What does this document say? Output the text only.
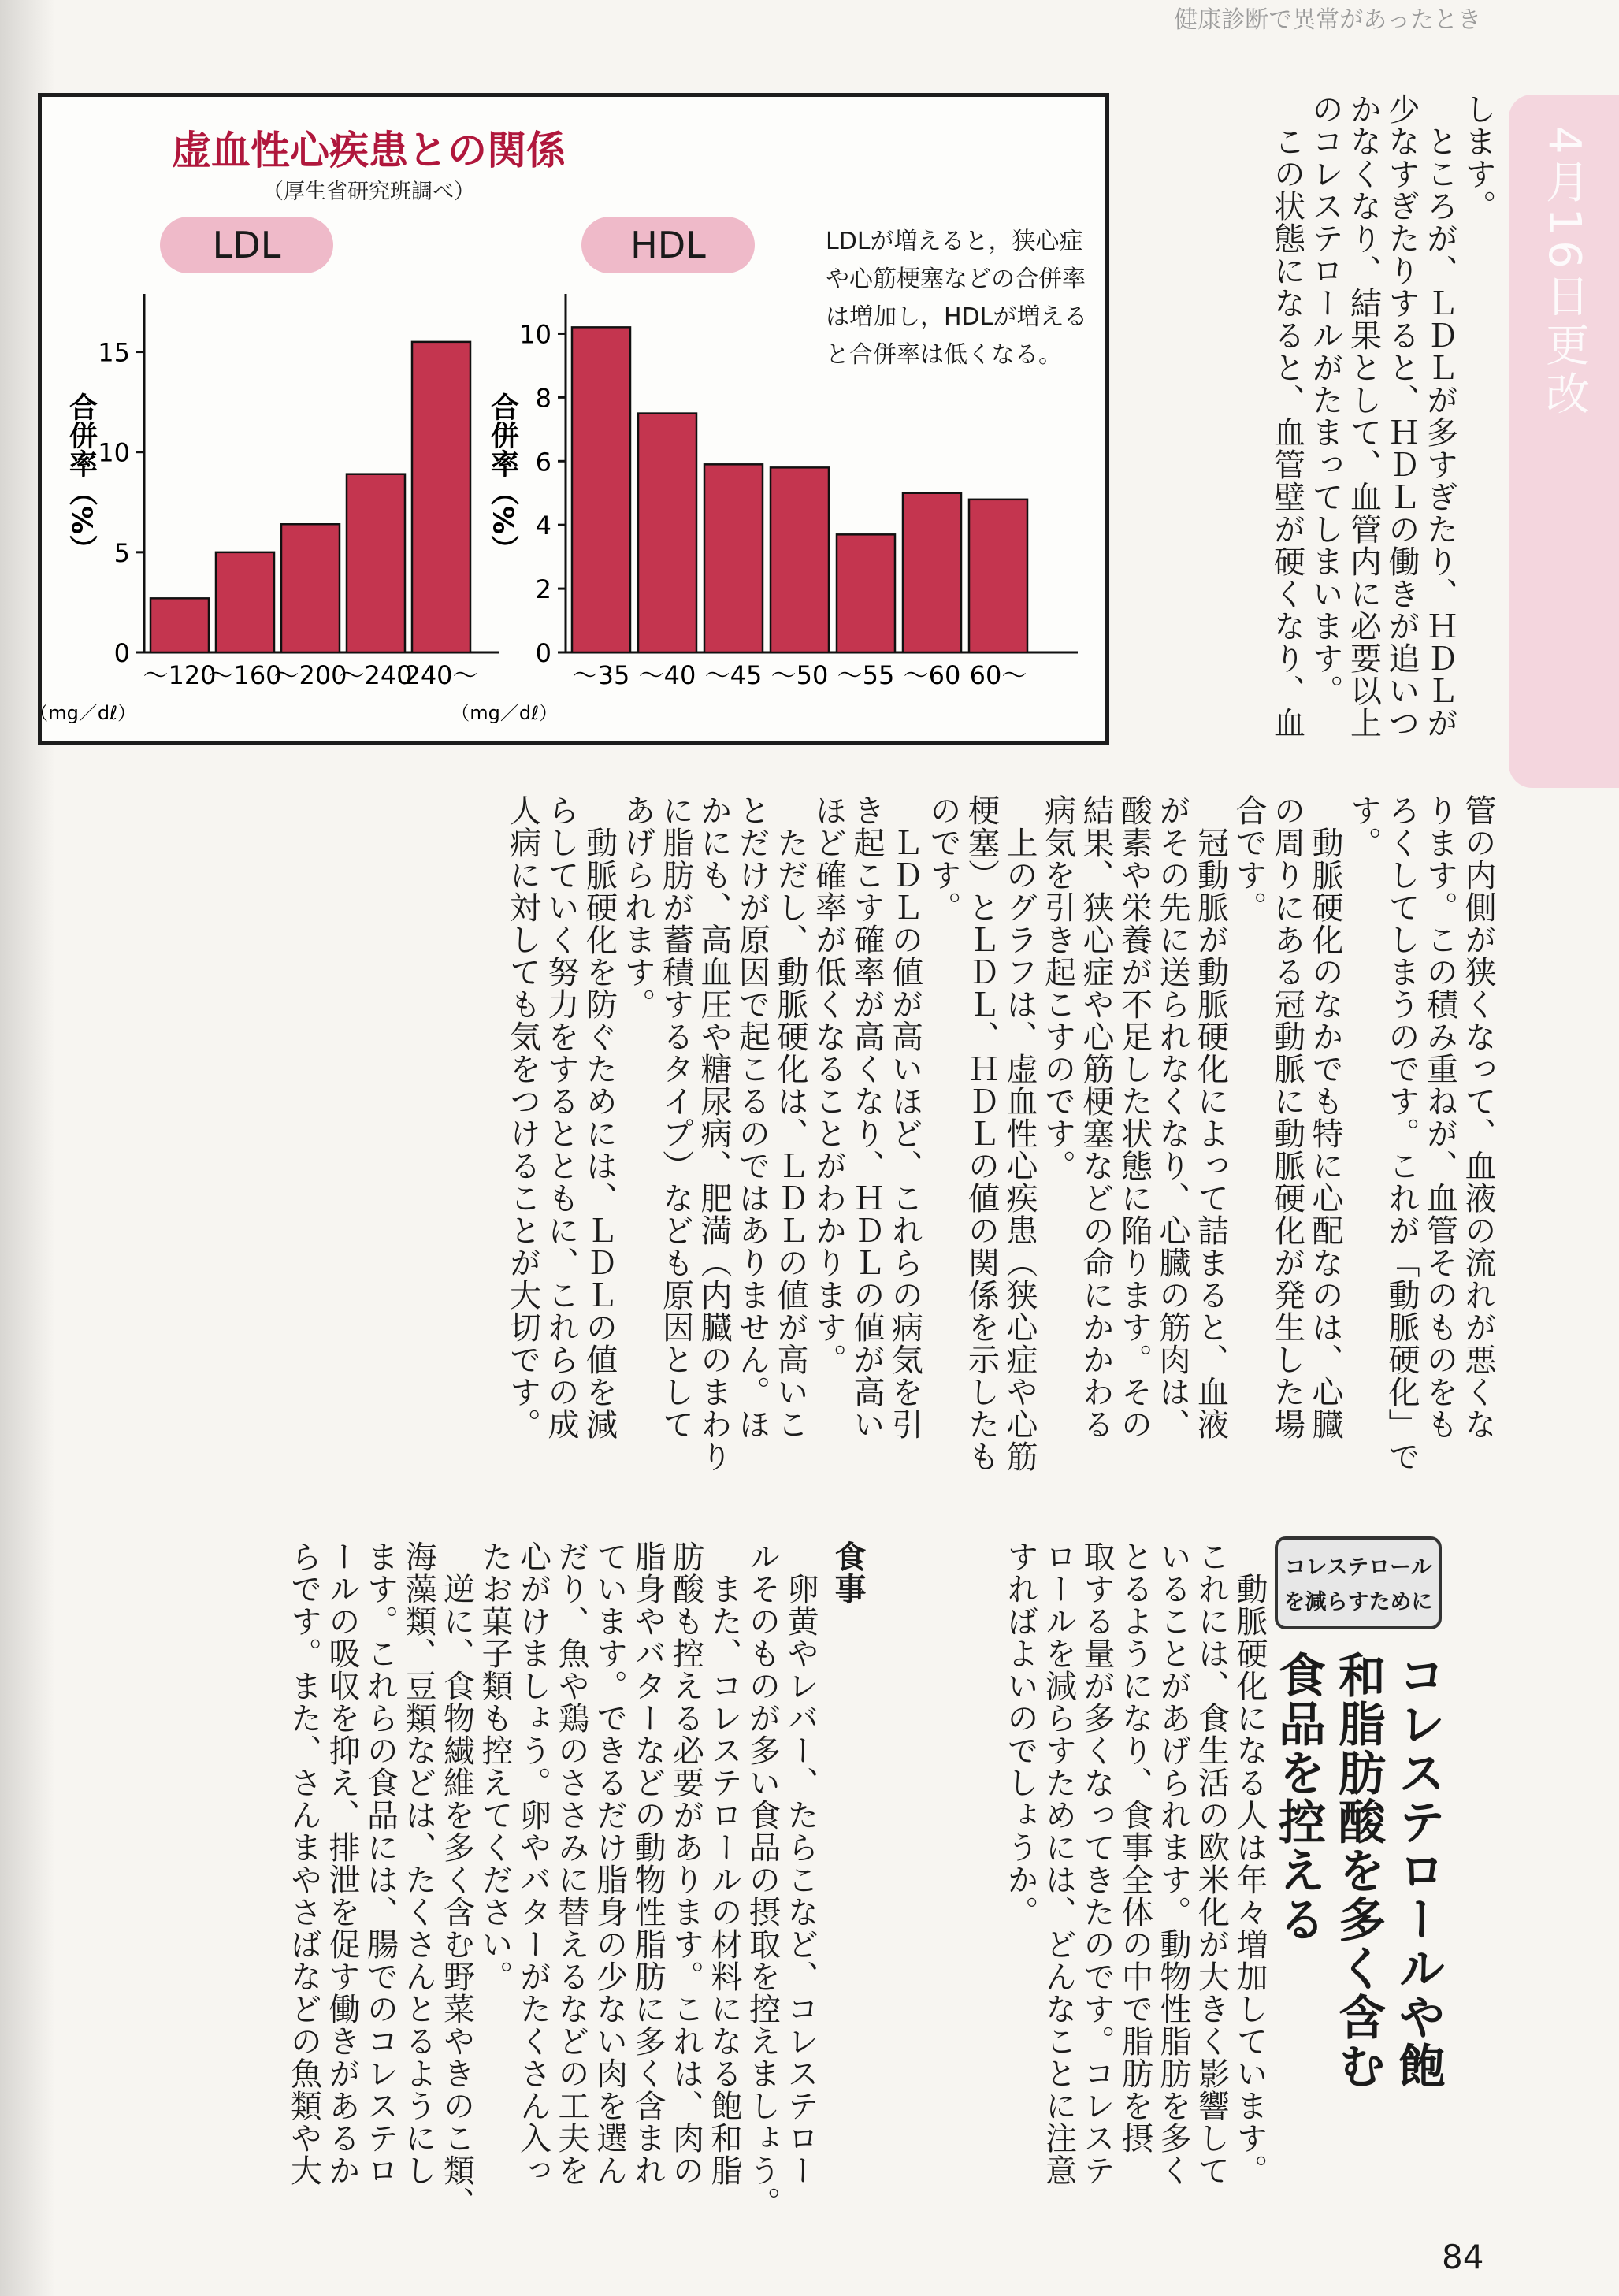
健康診断で異常があったとき
4月16日更改
虚血性心疾患との関係
（厚生省研究班調べ）
LDL	HDL	LDLが増えると，狭心症や心筋梗塞などの合併率は増加し，HDLが増えると合併率は低くなる。
0
5
10
15
合併率（%）
〜120
〜160
〜200
〜240
240〜
（mg／dℓ）
0
2
4
6
8
10
合併率（%）
〜35 〜40 〜45 〜50 〜55 〜60 60〜
（mg／dℓ）

します。

　ところが、ＬＤＬが多すぎたり、ＨＤＬが

少なすぎたりすると、ＨＤＬの働きが追いつ

かなくなり、結果として、血管内に必要以上

のコレステロールがたまってしまいます。

　この状態になると、血管壁が硬くなり、血

管の内側が狭くなって、血液の流れが悪くな

ります。この積み重ねが、血管そのものをも

ろくしてしまうのです。これが「動脈硬化」で

す。

　動脈硬化のなかでも特に心配なのは、心臓

の周りにある冠動脈に動脈硬化が発生した場

合です。

　冠動脈が動脈硬化によって詰まると、血液

がその先に送られなくなり、心臓の筋肉は、

酸素や栄養が不足した状態に陥ります。その

結果、狭心症や心筋梗塞などの命にかかわる

病気を引き起こすのです。

　上のグラフは、虚血性心疾患（狭心症や心筋

梗塞）とＬＤＬ、ＨＤＬの値の関係を示したも

のです。

　ＬＤＬの値が高いほど、これらの病気を引

き起こす確率が高くなり、ＨＤＬの値が高い

ほど確率が低くなることがわかります。

　ただし、動脈硬化は、ＬＤＬの値が高いこ

とだけが原因で起こるのではありません。ほ

かにも、高血圧や糖尿病、肥満（内臓のまわり

に脂肪が蓄積するタイプ）なども原因として

あげられます。

　動脈硬化を防ぐためには、ＬＤＬの値を減

らしていく努力をするとともに、これらの成

人病に対しても気をつけることが大切です。

コレステロールを減らすために
コレステロールや飽和脂肪酸を多く含む食品を控える

　動脈硬化になる人は年々増加しています。

これには、食生活の欧米化が大きく影響して

いることがあげられます。動物性脂肪を多く

とるようになり、食事全体の中で脂肪を摂

取する量が多くなってきたのです。コレステ

ロールを減らすためには、どんなことに注意

すればよいのでしょうか。

食事

　卵黄やレバー、たらこなど、コレステロー

ルそのものが多い食品の摂取を控えましょう。

　また、コレステロールの材料になる飽和脂

肪酸も控える必要があります。これは、肉の

脂身やバターなどの動物性脂肪に多く含まれ

ています。できるだけ脂身の少ない肉を選ん

だり、魚や鶏のささみに替えるなどの工夫を

心がけましょう。卵やバターがたくさん入っ

たお菓子類も控えてください。

　逆に、食物繊維を多く含む野菜やきのこ類、

海藻類、豆類などは、たくさんとるようにし

ます。これらの食品には、腸でのコレステロ

ールの吸収を抑え、排泄を促す働きがあるか

らです。また、さんまやさばなどの魚類や大

84
